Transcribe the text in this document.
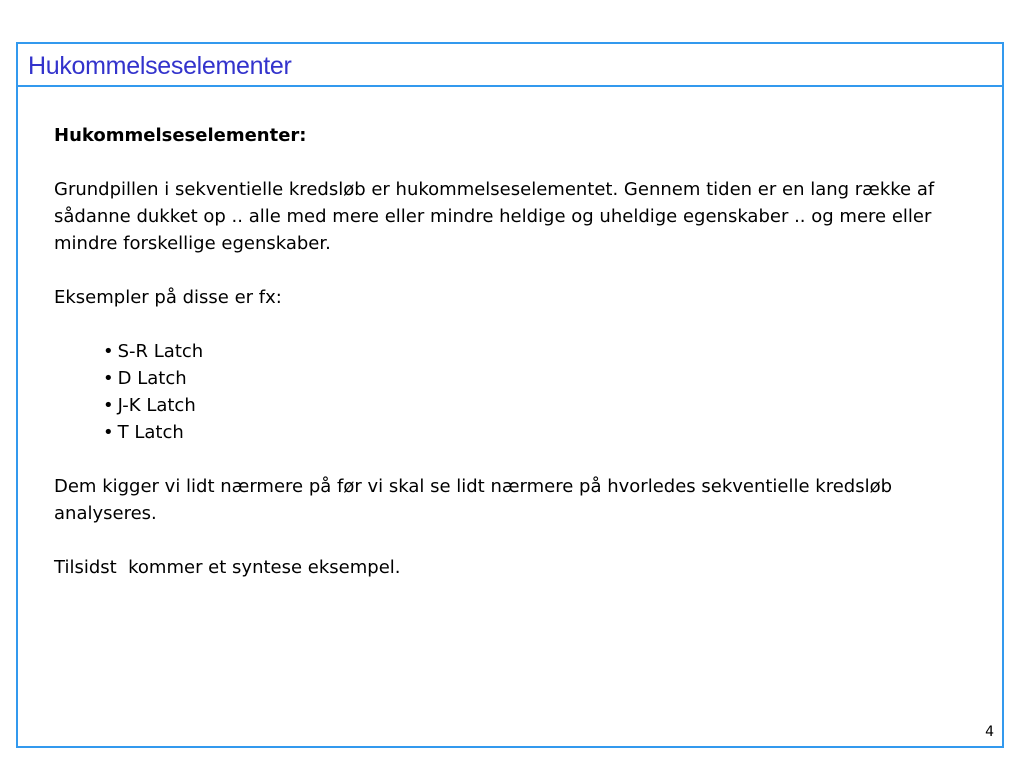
Hukommelseselementer

Hukommelseselementer:

Grundpillen i sekventielle kredsløb er hukommelseselementet. Gennem tiden er en lang række af sådanne dukket op .. alle med mere eller mindre heldige og uheldige egenskaber .. og mere eller mindre forskellige egenskaber.

Eksempler på disse er fx:

• S-R Latch
• D Latch
• J-K Latch
• T Latch

Dem kigger vi lidt nærmere på før vi skal se lidt nærmere på hvorledes sekventielle kredsløb analyseres.

Tilsidst  kommer et syntese eksempel.

4
